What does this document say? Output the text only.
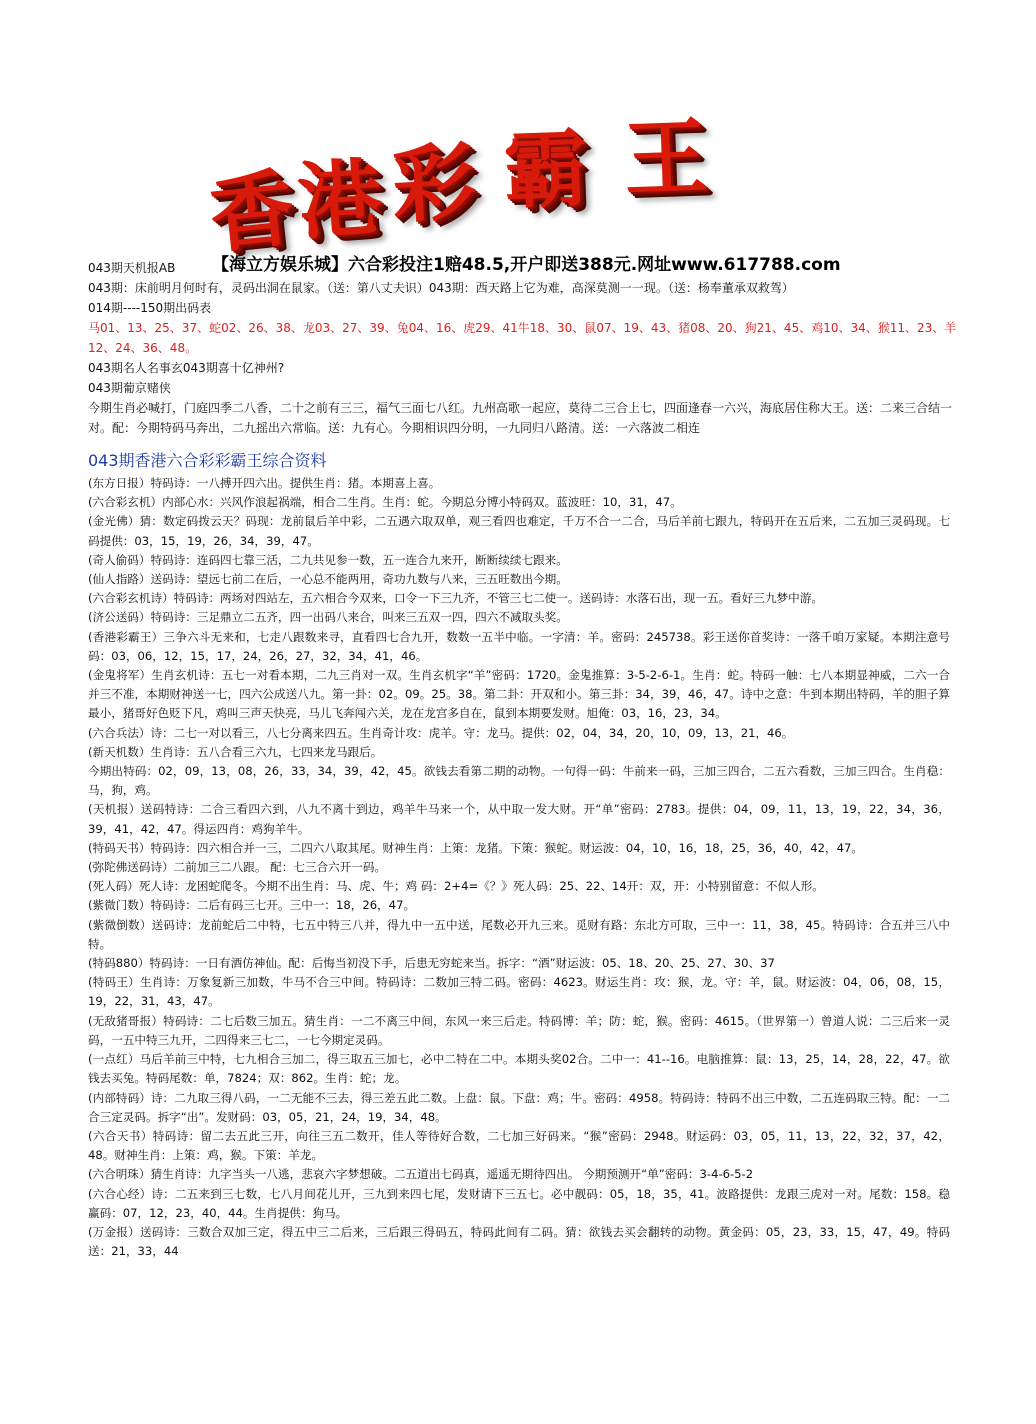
香港彩 霸 王
【海立方娱乐城】六合彩投注1赔48.5,开户即送388元.网址www.617788.com
043期天机报AB
043期：床前明月何时有，灵码出洞在鼠家。（送：第八丈夫识）043期：西天路上它为难，高深莫测一一现。（送：杨奉董承双救驾）
014期----150期出码表
马01、13、25、37、蛇02、26、38、龙03、27、39、兔04、16、虎29、41牛18、30、鼠07、19、43、猪08、20、狗21、45、鸡10、34、猴11、23、羊12、24、36、48。
043期名人名事玄043期喜十亿神州?
043期葡京赌侠
今期生肖必喊打，门庭四季二八香，二十之前有三三，福气三面七八红。九州高歌一起应，莫待二三合上七，四面逢春一六兴，海底居住称大王。送：二来三合结一对。配：今期特码马奔出，二九摇出六常临。送：九有心。今期相识四分明，一九同归八路清。送：一六落波二相连
043期香港六合彩彩霸王综合资料

(东方日报）特码诗：一八搏开四六出。提供生肖：猪。本期喜上喜。

(六合彩玄机）内部心水：兴风作浪起祸端，相合二生肖。生肖：蛇。今期总分博小特码双。蓝波旺：10，31，47。

(金光佛）猜：数定码拨云天？码现：龙前鼠后羊中彩，二五遇六取双单，观三看四也难定，千万不合一二合，马后羊前七跟九，特码开在五后来，二五加三灵码现。七码提供：03，15，19，26，34，39，47。

(奇人偷码）特码诗：连码四七靠三活，二九共见参一数，五一连合九来开，断断续续七跟来。

(仙人指路）送码诗：望远七前二在后，一心总不能两用，奇功九数与八来，三五旺数出今期。

(六合彩玄机诗）特码诗：两场对四站左，五六相合今双来，口令一下三九齐，不管三七二使一。送码诗：水落石出，现一五。看好三九梦中游。

(济公送码）特码诗：三足鼎立二五齐，四一出码八来合，叫来三五双一四，四六不减取头奖。

(香港彩霸王）三争六斗无来和，七走八跟数来寻，直看四七合九开，数数一五半中临。一字清：羊。密码：245738。彩王送你首奖诗：一落千咱万家疑。本期注意号码：03，06，12，15，17，24，26，27，32，34，41，46。

(金鬼将军）生肖玄机诗：五七一对看本期，二九三肖对一双。生肖玄机字“羊”密码：1720。金鬼推算：3-5-2-6-1。生肖：蛇。特码一触：七八本期显神威，二六一合并三不准，本期财神送一七，四六公成送八九。第一卦：02。09。25。38。第二卦：开双和小。第三卦：34，39，46，47。诗中之意：牛到本期出特码，羊的胆子算最小，猪哥好色贬下凡，鸡叫三声天快亮，马儿飞奔闯六关，龙在龙宫多自在，鼠到本期要发财。旭俺：03，16，23，34。

(六合兵法）诗：二七一对以看三，八七分离来四五。生肖奇计攻：虎羊。守：龙马。提供：02，04，34，20，10，09，13，21，46。

(新天机数）生肖诗：五八合看三六九，七四来龙马跟后。

今期出特码：02，09，13，08，26，33，34，39，42，45。欲钱去看第二期的动物。一句得一码：牛前来一码，三加三四合，二五六看数，三加三四合。生肖稳：马，狗，鸡。

(天机报）送码特诗：二合三看四六到，八九不离十到边，鸡羊牛马来一个，从中取一发大财。开“单”密码：2783。提供：04，09，11，13，19，22，34，36，39，41，42，47。得运四肖：鸡狗羊牛。

(特码天书）特码诗：四六相合并一三，二四六八取其尾。财神生肖：上策：龙猪。下策：猴蛇。财运波：04，10，16，18，25，36，40，42，47。

(弥陀佛送码诗）二前加三二八跟。 配：七三合六开一码。

(死人码）死人诗：龙困蛇爬冬。今期不出生肖：马、虎、牛；鸡 码：2+4=《？》死人码：25、22、14开：双，开：小特别留意：不似人形。

(紫微门数）特码诗：二后有码三七开。三中一：18，26，47。

(紫微倒数）送码诗：龙前蛇后二中特，七五中特三八并，得九中一五中送，尾数必开九三来。觅财有路：东北方可取，三中一：11，38，45。特码诗：合五并三八中特。

(特码880）特码诗：一日有酒仿神仙。配：后悔当初没下手，后患无穷蛇来当。拆字：“酒”财运波：05、18、20、25、27、30、37

(特码王）生肖诗：万象复新三加数，牛马不合三中间。特码诗：二数加三特二码。密码：4623。财运生肖：攻：猴，龙。守：羊，鼠。财运波：04，06，08，15，19，22，31，43，47。

(无敌猪哥报）特码诗：二七后数三加五。猜生肖：一二不离三中间，东风一来三后走。特码博：羊；防：蛇，猴。密码：4615。（世界第一）曾道人说：二三后来一灵码，一五中特三九开，二四得来三七二，一七今期定灵码。

(一点红）马后羊前三中特，七九相合三加二，得三取五三加七，必中二特在二中。本期头奖02合。二中一：41--16。电脑推算：鼠：13，25，14，28，22，47。欲钱去买兔。特码尾数：单，7824；双：862。生肖：蛇；龙。

(内部特码）诗：二九取三得八码，一二无能不三去，得三差五此二数。上盘：鼠。下盘：鸡；牛。密码：4958。特码诗：特码不出三中数，二五连码取三特。配：一二合三定灵码。拆字“出”。发财码：03，05，21，24，19，34，48。

(六合天书）特码诗：留二去五此三开，向往三五二数开，佳人等待好合数，二七加三好码来。“猴”密码：2948。财运码：03，05，11，13，22，32，37，42，48。财神生肖：上策：鸡，猴。下策：羊龙。

(六合明珠）猜生肖诗：九字当头一八逃，悲哀六字梦想破。二五道出七码真，遥遥无期待四出。 今期预测开“单”密码：3-4-6-5-2

(六合心经）诗：二五来到三七数，七八月间花儿开，三九到来四七尾，发财请下三五七。必中靓码：05，18，35，41。波路提供：龙跟三虎对一对。尾数：158。稳赢码：07，12，23，40，44。生肖提供：狗马。

(万金报）送码诗：三数合双加三定，得五中三二后来，三后跟三得码五，特码此间有二码。猜：欲钱去买会翻转的动物。黄金码：05，23，33，15，47，49。特码送：21，33，44
